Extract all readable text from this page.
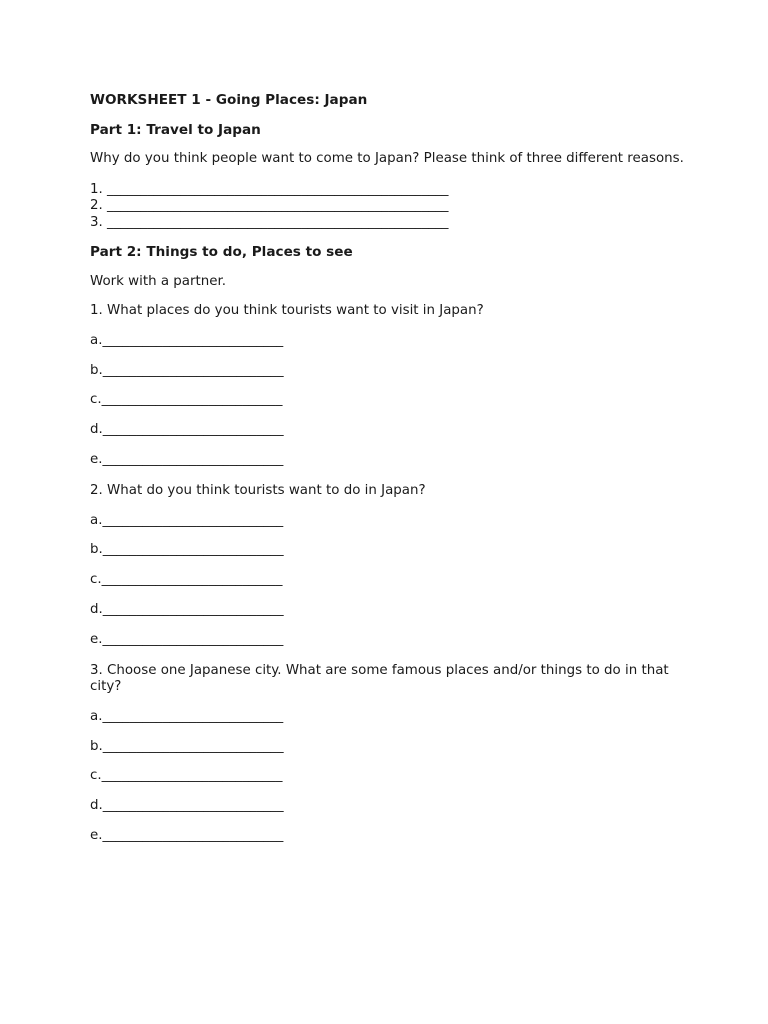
WORKSHEET 1 - Going Places: Japan

Part 1: Travel to Japan

Why do you think people want to come to Japan? Please think of three different reasons.

1. ___________________________________________________

2. ___________________________________________________

3. ___________________________________________________

Part 2: Things to do, Places to see

Work with a partner.

1. What places do you think tourists want to visit in Japan?

a.___________________________

b.___________________________

c.___________________________

d.___________________________

e.___________________________

2. What do you think tourists want to do in Japan?

a.___________________________

b.___________________________

c.___________________________

d.___________________________

e.___________________________

3. Choose one Japanese city. What are some famous places and/or things to do in that city?

a.___________________________

b.___________________________

c.___________________________

d.___________________________

e.___________________________
